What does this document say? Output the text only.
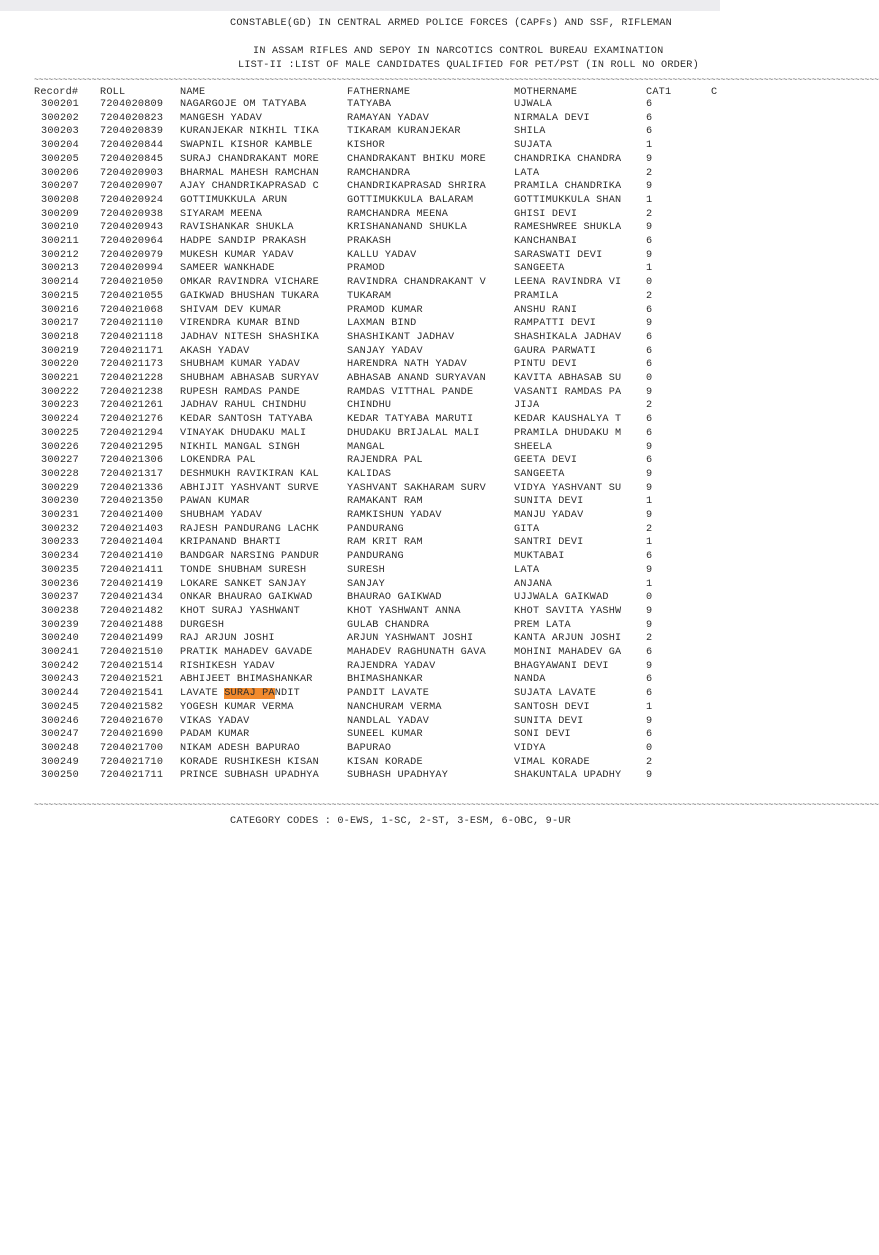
CONSTABLE(GD) IN CENTRAL ARMED POLICE FORCES (CAPFs) AND SSF, RIFLEMAN
IN ASSAM RIFLES AND SEPOY IN NARCOTICS CONTROL BUREAU EXAMINATION
LIST-II :LIST OF MALE CANDIDATES QUALIFIED FOR PET/PST (IN ROLL NO ORDER)
~~~~~~~~~~~~~~~~~~~~~~~~~~~~~~~~~~~~~~~~~~~~~~~~~~~~~~~~~~~~~~~~~~~~~~~~~~~~~~~~~~~~~~~~~~~~~~~~~~~~~~~~~~~~~~~~~~~~~~~~~~~~~~~~~~~~~~~~~~~~~~~~~~~~~~~~~~~~~~~~~~~~~~~~~~~~~~~~
Record# ROLL	NAME	FATHERNAME	MOTHERNAME	CAT1	C
300201 7204020809 NAGARGOJE OM TATYABA	TATYABA	UJWALA	6
300202 7204020823 MANGESH YADAV	RAMAYAN YADAV	NIRMALA DEVI	6
300203 7204020839 KURANJEKAR NIKHIL TIKA	TIKARAM KURANJEKAR	SHILA	6
300204 7204020844 SWAPNIL KISHOR KAMBLE	KISHOR	SUJATA	1
300205 7204020845 SURAJ CHANDRAKANT MORE	CHANDRAKANT BHIKU MORE	CHANDRIKA CHANDRA 9
300206 7204020903 BHARMAL MAHESH RAMCHAN	RAMCHANDRA	LATA	2
300207 7204020907 AJAY CHANDRIKAPRASAD C	CHANDRIKAPRASAD SHRIRA	PRAMILA CHANDRIKA 9
300208 7204020924 GOTTIMUKKULA ARUN	GOTTIMUKKULA BALARAM	GOTTIMUKKULA SHAN 1
300209 7204020938 SIYARAM MEENA	RAMCHANDRA MEENA	GHISI DEVI	2
300210 7204020943 RAVISHANKAR SHUKLA	KRISHANANAND SHUKLA	RAMESHWREE SHUKLA 9
300211 7204020964 HADPE SANDIP PRAKASH	PRAKASH	KANCHANBAI	6
300212 7204020979 MUKESH KUMAR YADAV	KALLU YADAV	SARASWATI DEVI	9
300213 7204020994 SAMEER WANKHADE	PRAMOD	SANGEETA	1
300214 7204021050 OMKAR RAVINDRA VICHARE	RAVINDRA CHANDRAKANT V	LEENA RAVINDRA VI 0
300215 7204021055 GAIKWAD BHUSHAN TUKARA	TUKARAM	PRAMILA	2
300216 7204021068 SHIVAM DEV KUMAR	PRAMOD KUMAR	ANSHU RANI	6
300217 7204021110 VIRENDRA KUMAR BIND	LAXMAN BIND	RAMPATTI DEVI	9
300218 7204021118 JADHAV NITESH SHASHIKA	SHASHIKANT JADHAV	SHASHIKALA JADHAV 6
300219 7204021171 AKASH YADAV	SANJAY YADAV	GAURA PARWATI	6
300220 7204021173 SHUBHAM KUMAR YADAV	HARENDRA NATH YADAV	PINTU DEVI	6
300221 7204021228 SHUBHAM ABHASAB SURYAV	ABHASAB ANAND SURYAVAN	KAVITA ABHASAB SU 0
300222 7204021238 RUPESH RAMDAS PANDE	RAMDAS VITTHAL PANDE	VASANTI RAMDAS PA 9
300223 7204021261 JADHAV RAHUL CHINDHU	CHINDHU	JIJA	2
300224 7204021276 KEDAR SANTOSH TATYABA	KEDAR TATYABA MARUTI	KEDAR KAUSHALYA T 6
300225 7204021294 VINAYAK DHUDAKU MALI	DHUDAKU BRIJALAL MALI	PRAMILA DHUDAKU M 6
300226 7204021295 NIKHIL MANGAL SINGH	MANGAL	SHEELA	9
300227 7204021306 LOKENDRA PAL	RAJENDRA PAL	GEETA DEVI	6
300228 7204021317 DESHMUKH RAVIKIRAN KAL	KALIDAS	SANGEETA	9
300229 7204021336 ABHIJIT YASHVANT SURVE	YASHVANT SAKHARAM SURV	VIDYA YASHVANT SU 9
300230 7204021350 PAWAN KUMAR	RAMAKANT RAM	SUNITA DEVI	1
300231 7204021400 SHUBHAM YADAV	RAMKISHUN YADAV	MANJU YADAV	9
300232 7204021403 RAJESH PANDURANG LACHK	PANDURANG	GITA	2
300233 7204021404 KRIPANAND BHARTI	RAM KRIT RAM	SANTRI DEVI	1
300234 7204021410 BANDGAR NARSING PANDUR	PANDURANG	MUKTABAI	6
300235 7204021411 TONDE SHUBHAM SURESH	SURESH	LATA	9
300236 7204021419 LOKARE SANKET SANJAY	SANJAY	ANJANA	1
300237 7204021434 ONKAR BHAURAO GAIKWAD	BHAURAO GAIKWAD	UJJWALA GAIKWAD	0
300238 7204021482 KHOT SURAJ YASHWANT	KHOT YASHWANT ANNA	KHOT SAVITA YASHW 9
300239 7204021488 DURGESH	GULAB CHANDRA	PREM LATA	9
300240 7204021499 RAJ ARJUN JOSHI	ARJUN YASHWANT JOSHI	KANTA ARJUN JOSHI 2
300241 7204021510 PRATIK MAHADEV GAVADE	MAHADEV RAGHUNATH GAVA	MOHINI MAHADEV GA 6
300242 7204021514 RISHIKESH YADAV	RAJENDRA YADAV	BHAGYAWANI DEVI	9
300243 7204021521 ABHIJEET BHIMASHANKAR	BHIMASHANKAR	NANDA	6
300244 7204021541 LAVATE SURAJ PANDIT	PANDIT LAVATE	SUJATA LAVATE	6
300245 7204021582 YOGESH KUMAR VERMA	NANCHURAM VERMA	SANTOSH DEVI	1
300246 7204021670 VIKAS YADAV	NANDLAL YADAV	SUNITA DEVI	9
300247 7204021690 PADAM KUMAR	SUNEEL KUMAR	SONI DEVI	6
300248 7204021700 NIKAM ADESH BAPURAO	BAPURAO	VIDYA	0
300249 7204021710 KORADE RUSHIKESH KISAN	KISAN KORADE	VIMAL KORADE	2
300250 7204021711 PRINCE SUBHASH UPADHYA	SUBHASH UPADHYAY	SHAKUNTALA UPADHY 9
~~~~~~~~~~~~~~~~~~~~~~~~~~~~~~~~~~~~~~~~~~~~~~~~~~~~~~~~~~~~~~~~~~~~~~~~~~~~~~~~~~~~~~~~~~~~~~~~~~~~~~~~~~~~~~~~~~~~~~~~~~~~~~~~~~~~~~~~~~~~~~~~~~~~~~~~~~~~~~~~~~~~~~~~~~~~~~~~
CATEGORY CODES : 0-EWS, 1-SC, 2-ST, 3-ESM, 6-OBC, 9-UR
